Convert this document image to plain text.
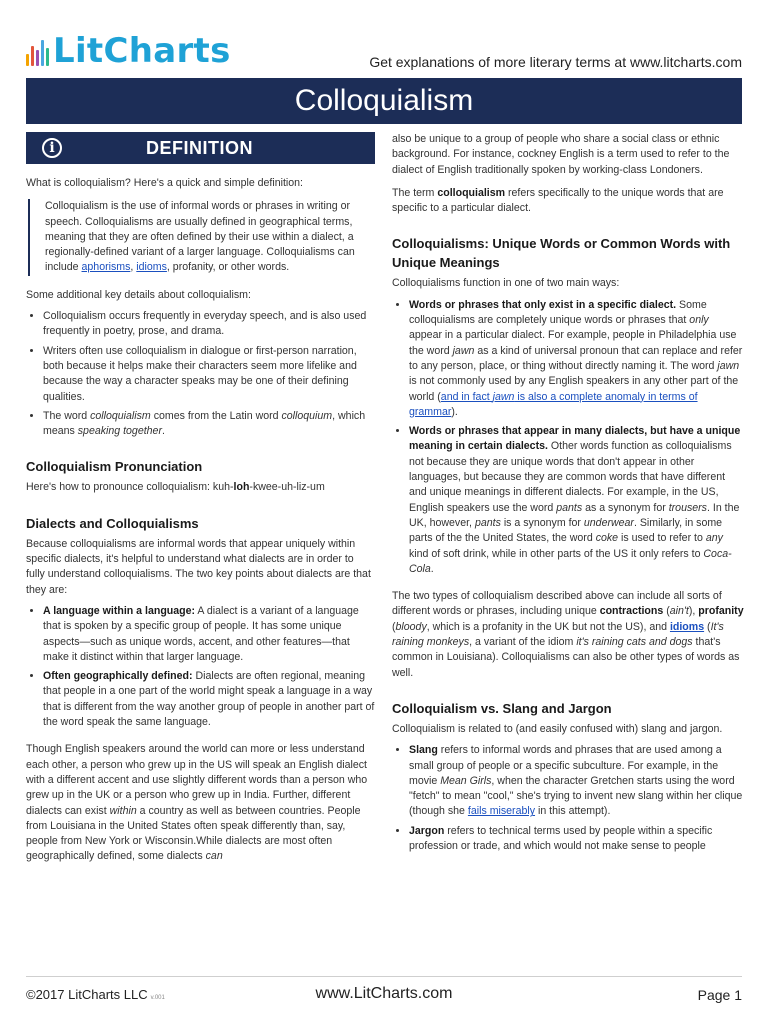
LitCharts	Get explanations of more literary terms at www.litcharts.com
Colloquialism
i	DEFINITION

What is colloquialism? Here's a quick and simple definition:

Colloquialism is the use of informal words or phrases in writing or speech. Colloquialisms are usually defined in geographical terms, meaning that they are often defined by their use within a dialect, a regionally-defined variant of a larger language. Colloquialisms can include aphorisms, idioms, profanity, or other words.

Some additional key details about colloquialism:

• Colloquialism occurs frequently in everyday speech, and is also used frequently in poetry, prose, and drama.
• Writers often use colloquialism in dialogue or first-person narration, both because it helps make their characters seem more lifelike and because the way a character speaks may be one of their defining qualities.
• The word colloquialism comes from the Latin word colloquium, which means speaking together.
Colloquialism Pronunciation

Here's how to pronounce colloquialism: kuh-loh-kwee-uh-liz-um

Dialects and Colloquialisms

Because colloquialisms are informal words that appear uniquely within specific dialects, it's helpful to understand what dialects are in order to fully understand colloquialisms. The two key points about dialects are that they are:

• A language within a language: A dialect is a variant of a language that is spoken by a specific group of people. It has some unique aspects—such as unique words, accent, and other features—that make it distinct within that larger language.
• Often geographically defined: Dialects are often regional, meaning that people in a one part of the world might speak a language in a way that is different from the way another group of people in another part of the word speak the same language.

Though English speakers around the world can more or less understand each other, a person who grew up in the US will speak an English dialect with a different accent and use slightly different words than a person who grew up in the UK or a person who grew up in India. Further, different dialects can exist within a country as well as between countries. People from Louisiana in the United States often speak differently than, say, people from New York or Wisconsin.While dialects are most often geographically defined, some dialects can

also be unique to a group of people who share a social class or ethnic background. For instance, cockney English is a term used to refer to the dialect of English traditionally spoken by working-class Londoners.

The term colloquialism refers specifically to the unique words that are specific to a particular dialect.

Colloquialisms: Unique Words or Common Words with Unique Meanings

Colloquialisms function in one of two main ways:

• Words or phrases that only exist in a specific dialect. Some colloquialisms are completely unique words or phrases that only appear in a particular dialect. For example, people in Philadelphia use the word jawn as a kind of universal pronoun that can replace and refer to any person, place, or thing without directly naming it. The word jawn is not commonly used by any English speakers in any other part of the world (and in fact jawn is also a complete anomaly in terms of grammar).
• Words or phrases that appear in many dialects, but have a unique meaning in certain dialects. Other words function as colloquialisms not because they are unique words that don't appear in other languages, but because they are common words that have different and unique meanings in different dialects. For example, in the US, English speakers use the word pants as a synonym for trousers. In the UK, however, pants is a synonym for underwear. Similarly, in some parts of the the United States, the word coke is used to refer to any kind of soft drink, while in other parts of the US it only refers to Coca-Cola.

The two types of colloquialism described above can include all sorts of different words or phrases, including unique contractions (ain't), profanity (bloody, which is a profanity in the UK but not the US), and idioms (It's raining monkeys, a variant of the idiom it's raining cats and dogs that's common in Louisiana). Colloquialisms can also be other types of words as well.

Colloquialism vs. Slang and Jargon

Colloquialism is related to (and easily confused with) slang and jargon.

• Slang refers to informal words and phrases that are used among a small group of people or a specific subculture. For example, in the movie Mean Girls, when the character Gretchen starts using the word "fetch" to mean "cool," she's trying to invent new slang within her clique (though she fails miserably in this attempt).
• Jargon refers to technical terms used by people within a specific profession or trade, and which would not make sense to people
©2017 LitCharts LLC v.001	www.LitCharts.com	Page 1
